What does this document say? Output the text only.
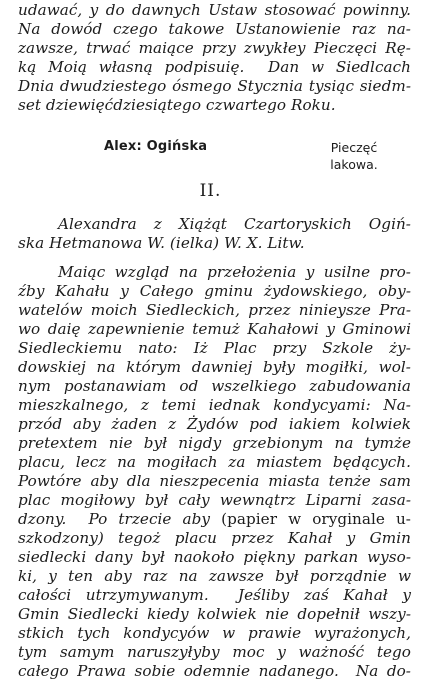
udawać, y do dawnych Ustaw stosować powinny.
Na dowód czego takowe Ustanowienie raz na-
zawsze, trwać maiące przy zwykłey Pieczęci Rę-
ką Moią własną podpisuię.  Dan w Siedlcach
Dnia dwudziestego ósmego Stycznia tysiąc siedm-
set dziewięćdziesiątego czwartego Roku.
Alex: Ogińska	Pieczęć
lakowa.
II.
Alexandra z Xiążąt Czartoryskich Ogiń-
ska Hetmanowa W. (ielka) W. X. Litw.
Maiąc wzgląd na przełożenia y usilne pro-
źby Kahału y Całego gminu żydowskiego, oby-
watelów moich Siedleckich, przez ninieysze Pra-
wo daię zapewnienie temuż Kahałowi y Gminowi
Siedleckiemu nato: Iż Plac przy Szkole ży-
dowskiej na którym dawniej były mogiłki, wol-
nym postanawiam od wszelkiego zabudowania
mieszkalnego, z temi iednak kondycyami: Na-
przód aby żaden z Żydów pod iakiem kolwiek
pretextem nie był nigdy grzebionym na tymże
placu, lecz na mogiłach za miastem będących.
Powtóre aby dla nieszpecenia miasta tenże sam
plac mogiłowy był cały wewnątrz Liparni zasa-
dzony.  Po trzecie aby (papier w oryginale u-
szkodzony) tegoż placu przez Kahał y Gmin
siedlecki dany był naokoło piękny parkan wyso-
ki, y ten aby raz na zawsze był porządnie w
całości utrzymywanym.  Jeśliby zaś Kahał y
Gmin Siedlecki kiedy kolwiek nie dopełnił wszy-
stkich tych kondycyów w prawie wyrażonych,
tym samym naruszyłyby moc y ważność tego
całego Prawa sobie odemnie nadanego.  Na do-
